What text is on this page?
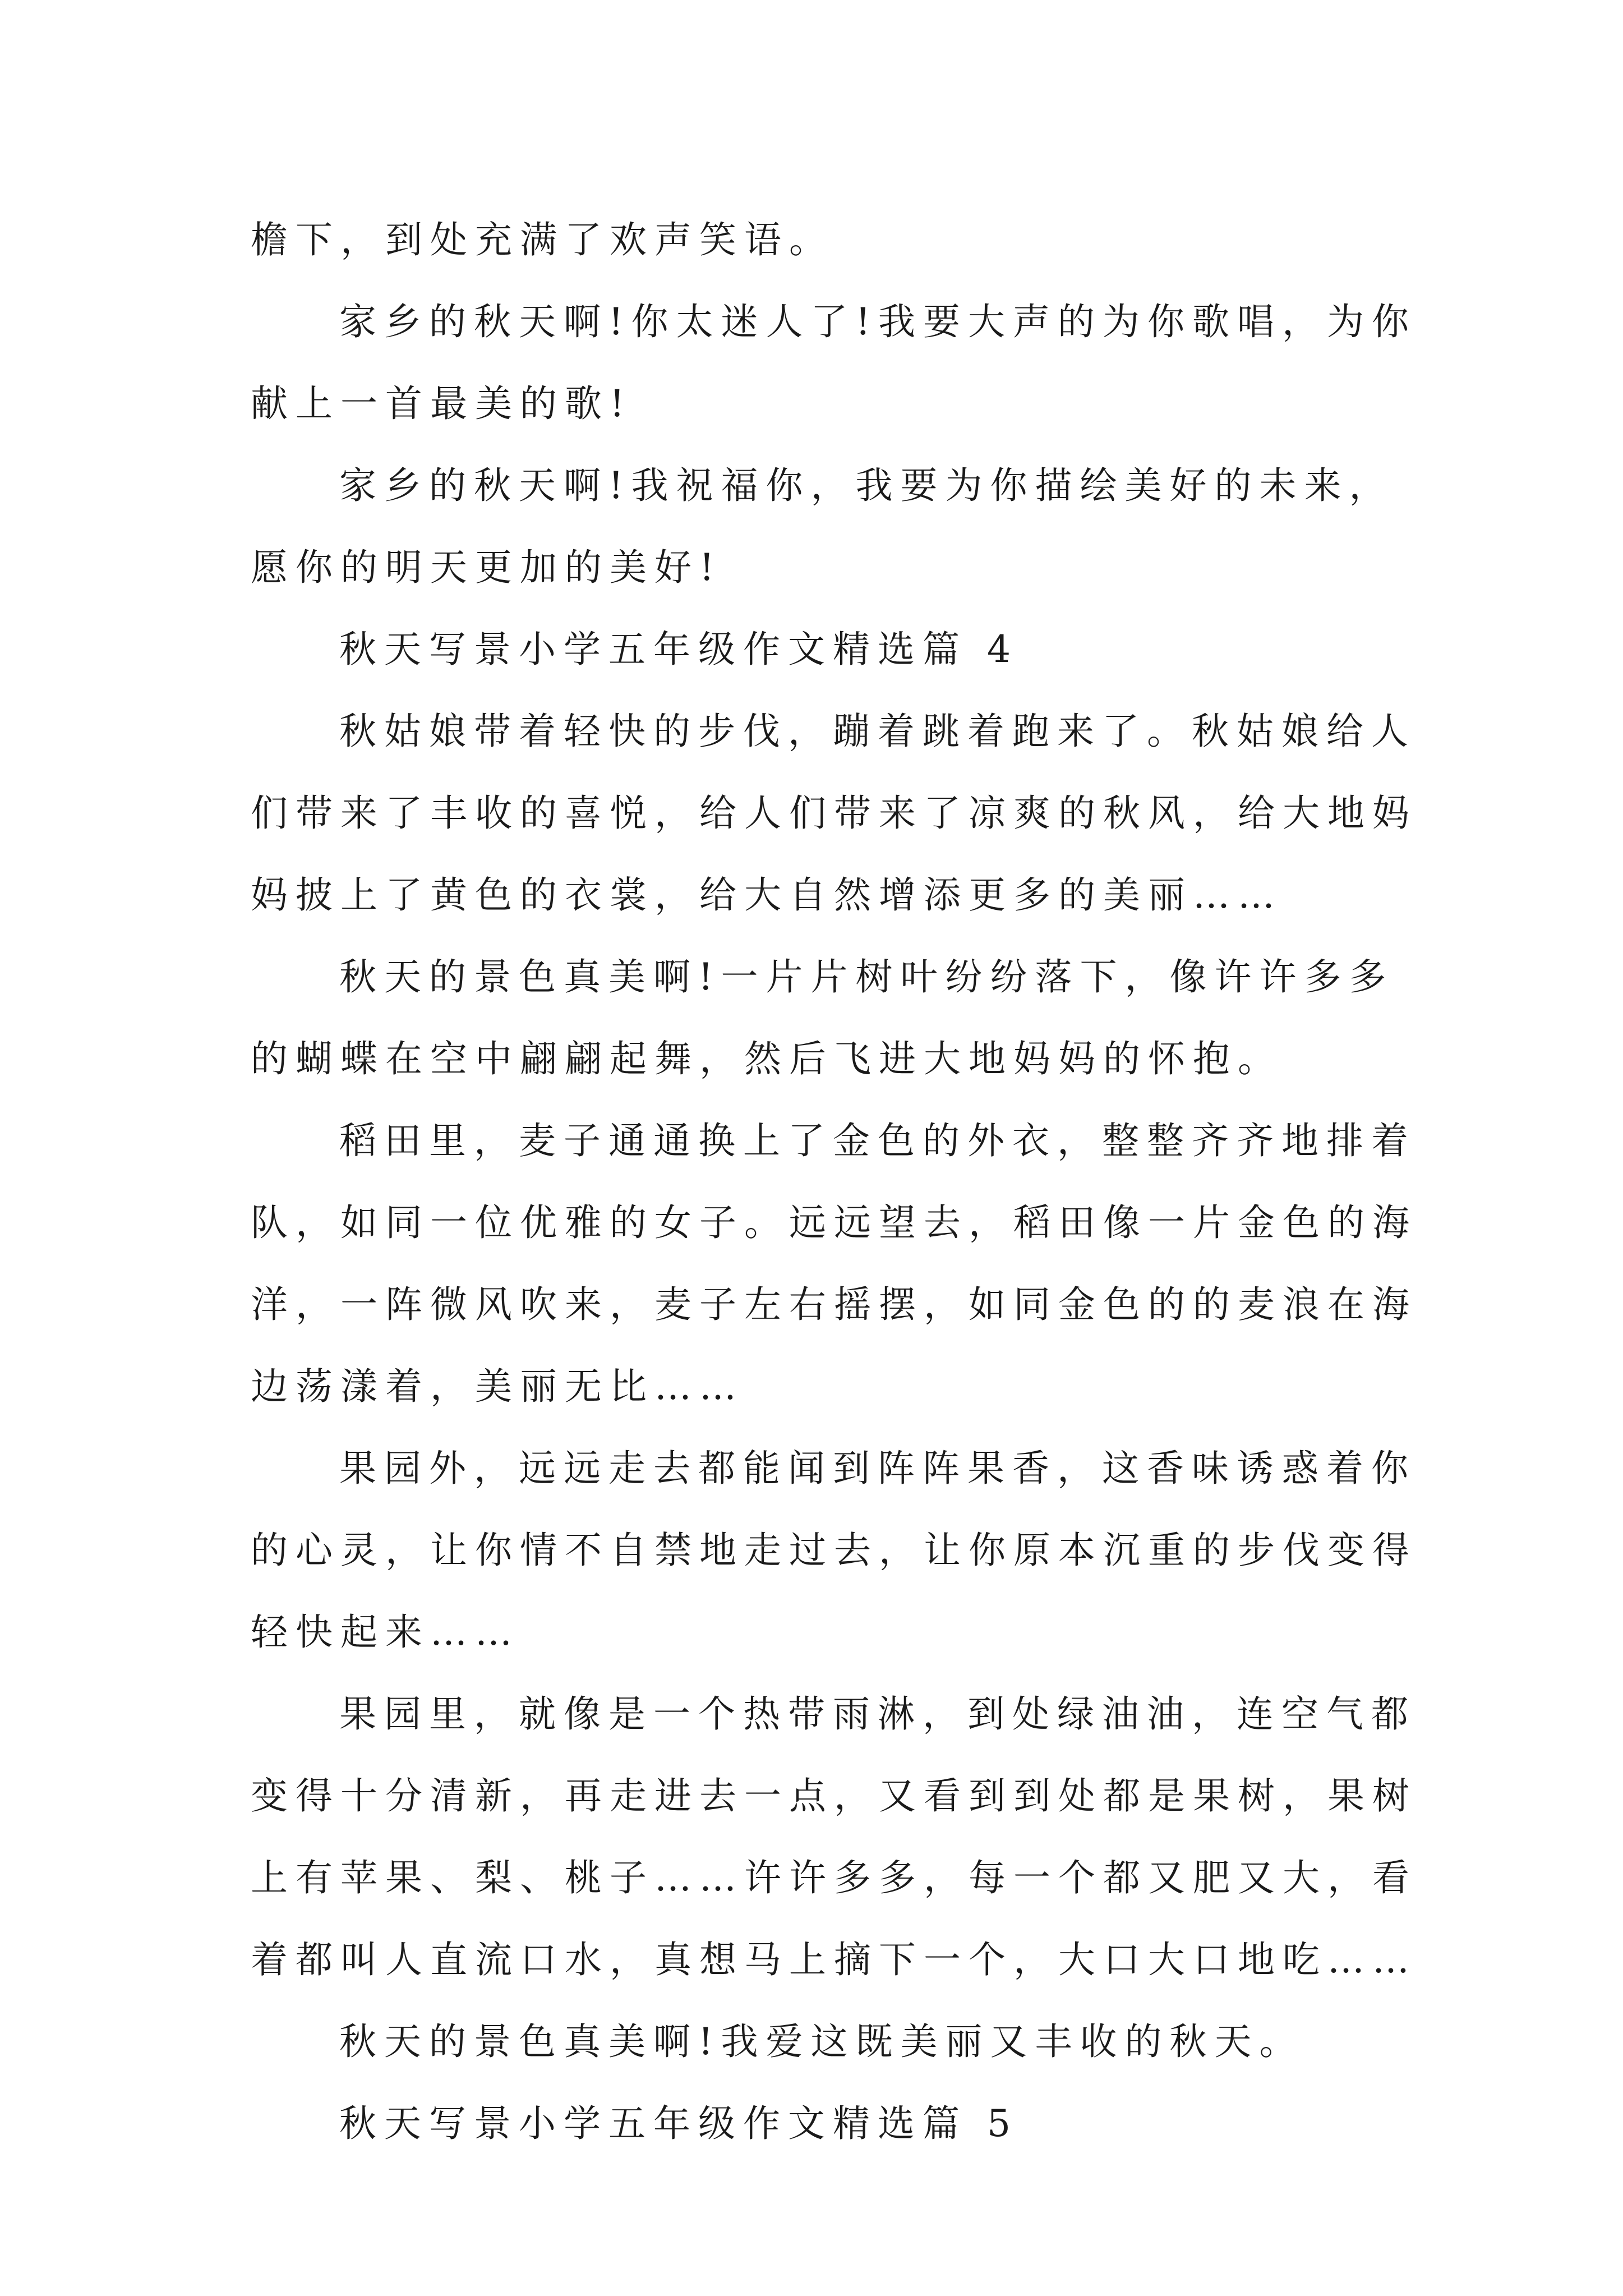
檐下，到处充满了欢声笑语。
家乡的秋天啊!你太迷人了!我要大声的为你歌唱，为你
献上一首最美的歌!
家乡的秋天啊!我祝福你，我要为你描绘美好的未来，
愿你的明天更加的美好!
秋天写景小学五年级作文精选篇 4
秋姑娘带着轻快的步伐，蹦着跳着跑来了。秋姑娘给人
们带来了丰收的喜悦，给人们带来了凉爽的秋风，给大地妈
妈披上了黄色的衣裳，给大自然增添更多的美丽……
秋天的景色真美啊!一片片树叶纷纷落下，像许许多多
的蝴蝶在空中翩翩起舞，然后飞进大地妈妈的怀抱。
稻田里，麦子通通换上了金色的外衣，整整齐齐地排着
队，如同一位优雅的女子。远远望去，稻田像一片金色的海
洋，一阵微风吹来，麦子左右摇摆，如同金色的的麦浪在海
边荡漾着，美丽无比……
果园外，远远走去都能闻到阵阵果香，这香味诱惑着你
的心灵，让你情不自禁地走过去，让你原本沉重的步伐变得
轻快起来……
果园里，就像是一个热带雨淋，到处绿油油，连空气都
变得十分清新，再走进去一点，又看到到处都是果树，果树
上有苹果、梨、桃子……许许多多，每一个都又肥又大，看
着都叫人直流口水，真想马上摘下一个，大口大口地吃……
秋天的景色真美啊!我爱这既美丽又丰收的秋天。
秋天写景小学五年级作文精选篇 5
